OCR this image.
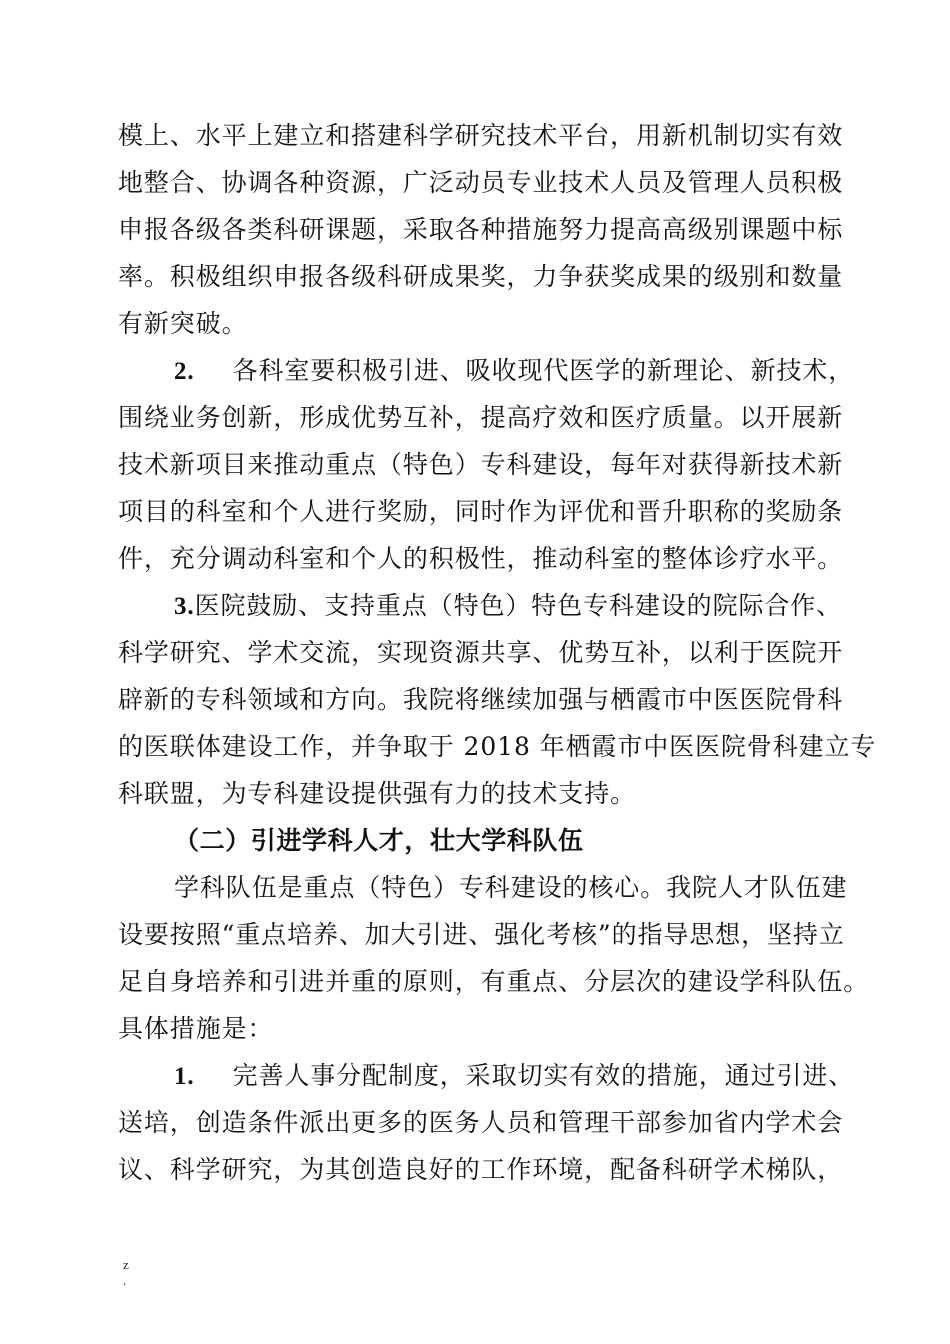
模上、水平上建立和搭建科学研究技术平台，用新机制切实有效
地整合、协调各种资源，广泛动员专业技术人员及管理人员积极
申报各级各类科研课题，采取各种措施努力提高高级别课题中标
率。积极组织申报各级科研成果奖，力争获奖成果的级别和数量
有新突破。

2. 各科室要积极引进、吸收现代医学的新理论、新技术，
围绕业务创新，形成优势互补，提高疗效和医疗质量。以开展新
技术新项目来推动重点（特色）专科建设，每年对获得新技术新
项目的科室和个人进行奖励，同时作为评优和晋升职称的奖励条
件，充分调动科室和个人的积极性，推动科室的整体诊疗水平。

3.医院鼓励、支持重点（特色）特色专科建设的院际合作、
科学研究、学术交流，实现资源共享、优势互补，以利于医院开
辟新的专科领域和方向。我院将继续加强与栖霞市中医医院骨科
的医联体建设工作，并争取于 2018 年栖霞市中医医院骨科建立专
科联盟，为专科建设提供强有力的技术支持。

（二）引进学科人才，壮大学科队伍

学科队伍是重点（特色）专科建设的核心。我院人才队伍建
设要按照“重点培养、加大引进、强化考核”的指导思想，坚持立
足自身培养和引进并重的原则，有重点、分层次的建设学科队伍。
具体措施是：

1. 完善人事分配制度，采取切实有效的措施，通过引进、
送培，创造条件派出更多的医务人员和管理干部参加省内学术会
议、科学研究，为其创造良好的工作环境，配备科研学术梯队，

z
.
